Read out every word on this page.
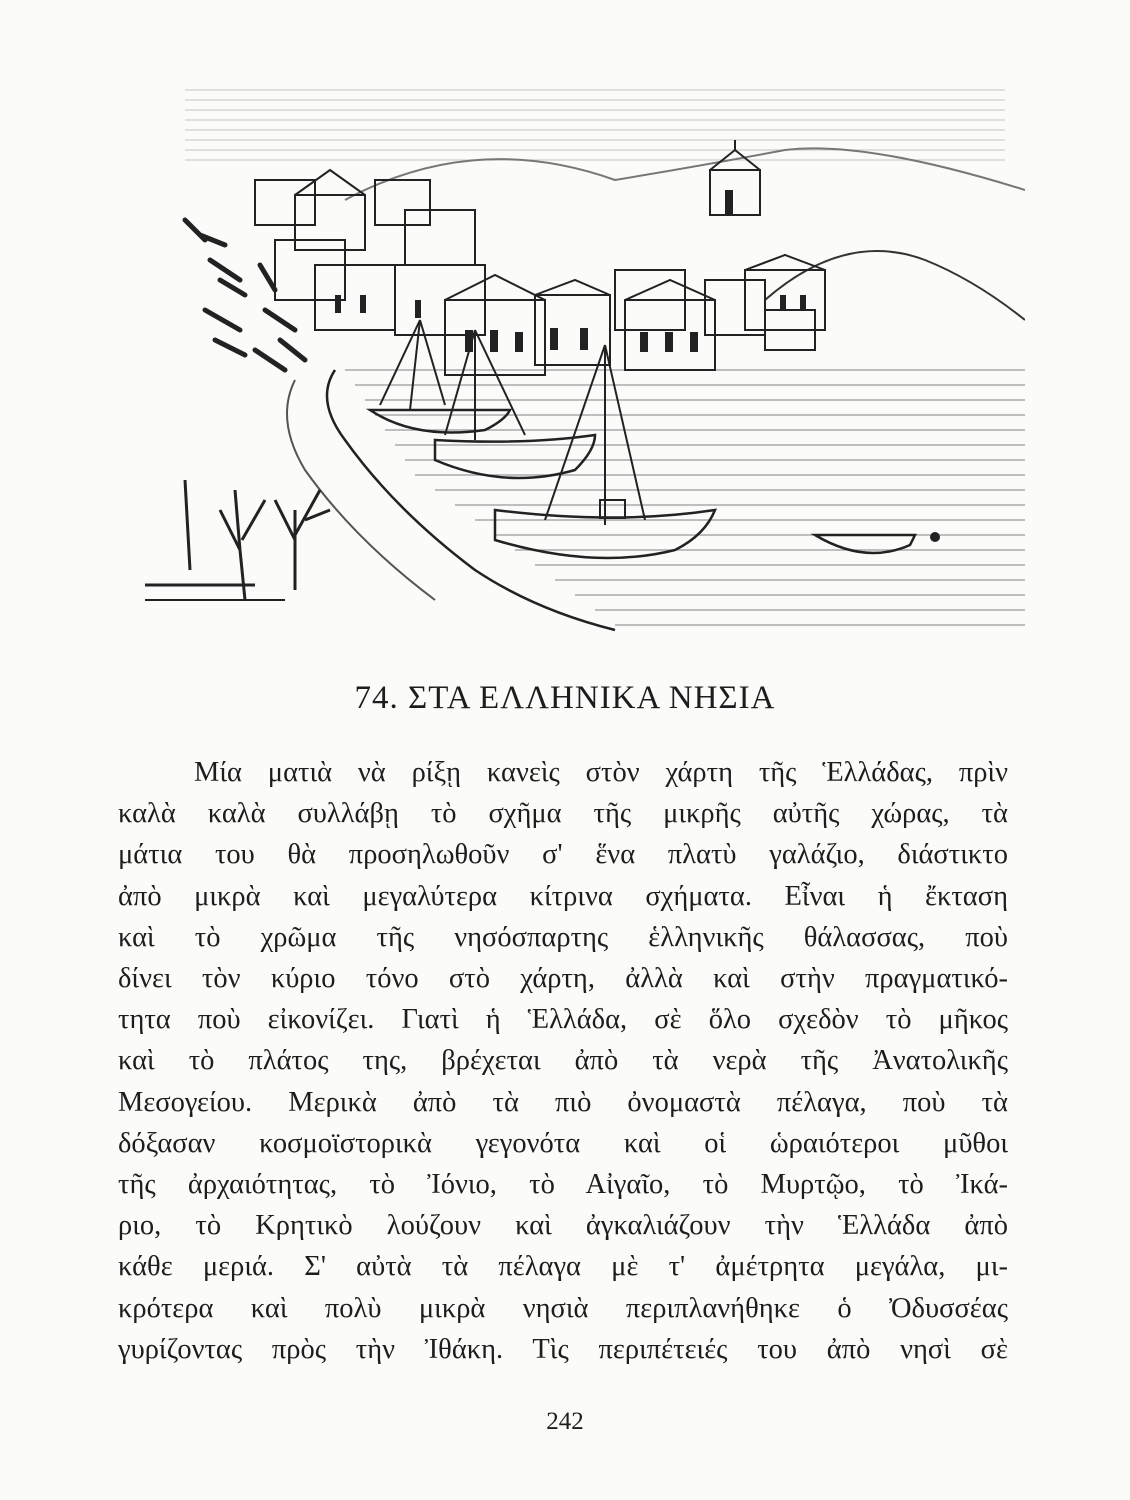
74. ΣΤΑ ΕΛΛΗΝΙΚΑ ΝΗΣΙΑ
Μία ματιὰ νὰ ρίξῃ κανεὶς στὸν χάρτη τῆς Ἑλλάδας, πρὶν
καλὰ καλὰ συλλάβῃ τὸ σχῆμα τῆς μικρῆς αὐτῆς χώρας, τὰ
μάτια του θὰ προσηλωθοῦν σ' ἕνα πλατὺ γαλάζιο, διάστικτο
ἀπὸ μικρὰ καὶ μεγαλύτερα κίτρινα σχήματα. Εἶναι ἡ ἔκταση
καὶ τὸ χρῶμα τῆς νησόσπαρτης ἑλληνικῆς θάλασσας, ποὺ
δίνει τὸν κύριο τόνο στὸ χάρτη, ἀλλὰ καὶ στὴν πραγματικό-
τητα ποὺ εἰκονίζει. Γιατὶ ἡ Ἑλλάδα, σὲ ὅλο σχεδὸν τὸ μῆκος
καὶ τὸ πλάτος της, βρέχεται ἀπὸ τὰ νερὰ τῆς Ἀνατολικῆς
Μεσογείου. Μερικὰ ἀπὸ τὰ πιὸ ὀνομαστὰ πέλαγα, ποὺ τὰ
δόξασαν κοσμοϊστορικὰ γεγονότα καὶ οἱ ὡραιότεροι μῦθοι
τῆς ἀρχαιότητας, τὸ Ἰόνιο, τὸ Αἰγαῖο, τὸ Μυρτῷο, τὸ Ἰκά-
ριο, τὸ Κρητικὸ λούζουν καὶ ἀγκαλιάζουν τὴν Ἑλλάδα ἀπὸ
κάθε μεριά. Σ' αὐτὰ τὰ πέλαγα μὲ τ' ἀμέτρητα μεγάλα, μι-
κρότερα καὶ πολὺ μικρὰ νησιὰ περιπλανήθηκε ὁ Ὀδυσσέας
γυρίζοντας πρὸς τὴν Ἰθάκη. Τὶς περιπέτειές του ἀπὸ νησὶ σὲ
242
